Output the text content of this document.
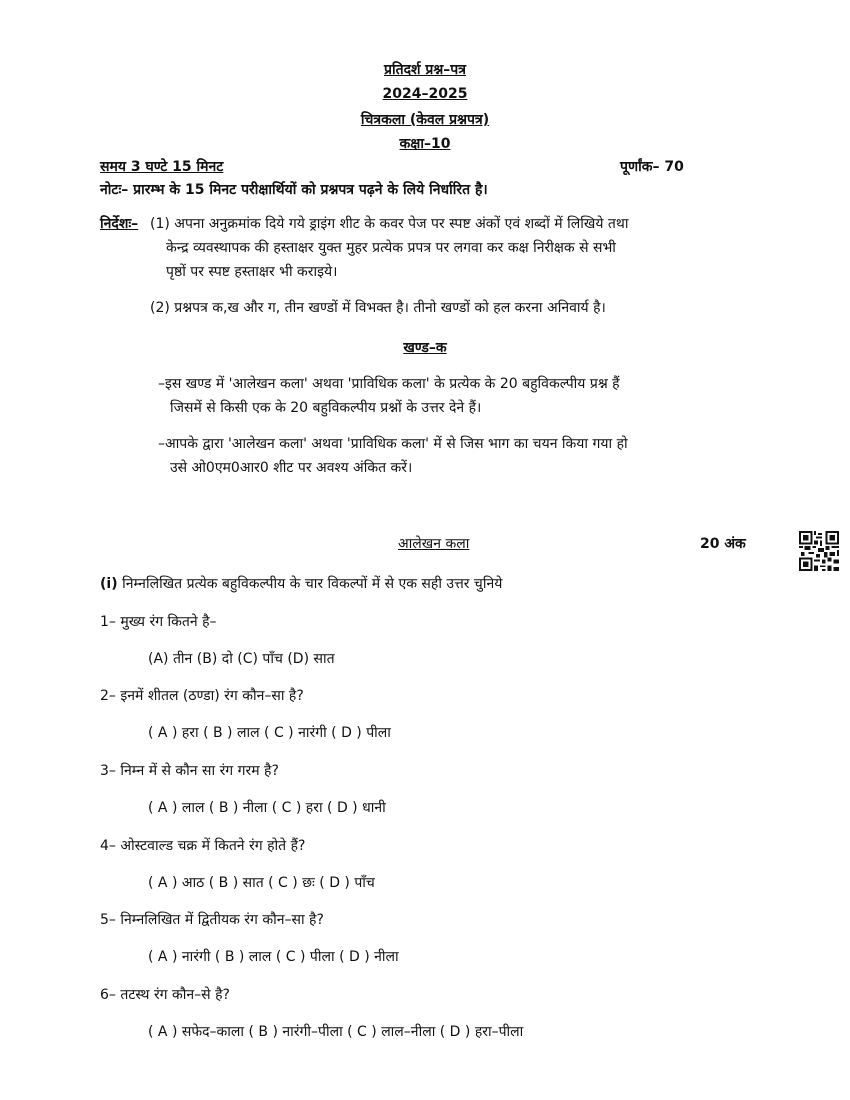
प्रतिदर्श प्रश्न–पत्र
2024–2025
चित्रकला (केवल प्रश्नपत्र)
कक्षा–10
समय 3 घण्टे 15 मिनट	पूर्णांक– 70
नोटः– प्रारम्भ के 15 मिनट परीक्षार्थियों को प्रश्नपत्र पढ़ने के लिये निर्धारित है।
निर्देशः– (1) अपना अनुक्रमांक दिये गये ड्राइंग शीट के कवर पेज पर स्पष्ट अंकों एवं शब्दों में लिखिये तथा
केन्द्र व्यवस्थापक की हस्ताक्षर युक्त मुहर प्रत्येक प्रपत्र पर लगवा कर कक्ष निरीक्षक से सभी
पृष्ठों पर स्पष्ट हस्ताक्षर भी कराइये।
(2) प्रश्नपत्र क,ख और ग, तीन खण्डों में विभक्त है। तीनो खण्डों को हल करना अनिवार्य है।
खण्ड–क
–इस खण्ड में 'आलेखन कला' अथवा 'प्राविधिक कला' के प्रत्येक के 20 बहुविकल्पीय प्रश्न हैं
जिसमें से किसी एक के 20 बहुविकल्पीय प्रश्नों के उत्तर देने हैं।
–आपके द्वारा 'आलेखन कला' अथवा 'प्राविधिक कला' में से जिस भाग का चयन किया गया हो
उसे ओ0एम0आर0 शीट पर अवश्य अंकित करें।
आलेखन कला	20 अंक
(i) निम्नलिखित प्रत्येक बहुविकल्पीय के चार विकल्पों में से एक सही उत्तर चुनिये
1– मुख्य रंग कितने है–
(A) तीन (B) दो (C) पाँच (D) सात
2– इनमें शीतल (ठण्डा) रंग कौन–सा है?
( A ) हरा ( B ) लाल ( C ) नारंगी ( D ) पीला
3– निम्न में से कौन सा रंग गरम है?
( A ) लाल ( B ) नीला ( C ) हरा ( D ) धानी
4– ओस्टवाल्ड चक्र में कितने रंग होते हैं?
( A ) आठ ( B ) सात ( C ) छः ( D ) पाँच
5– निम्नलिखित में द्वितीयक रंग कौन–सा है?
( A ) नारंगी ( B ) लाल ( C ) पीला ( D ) नीला
6– तटस्थ रंग कौन–से है?
( A ) सफेद–काला ( B ) नारंगी–पीला ( C ) लाल–नीला ( D ) हरा–पीला
